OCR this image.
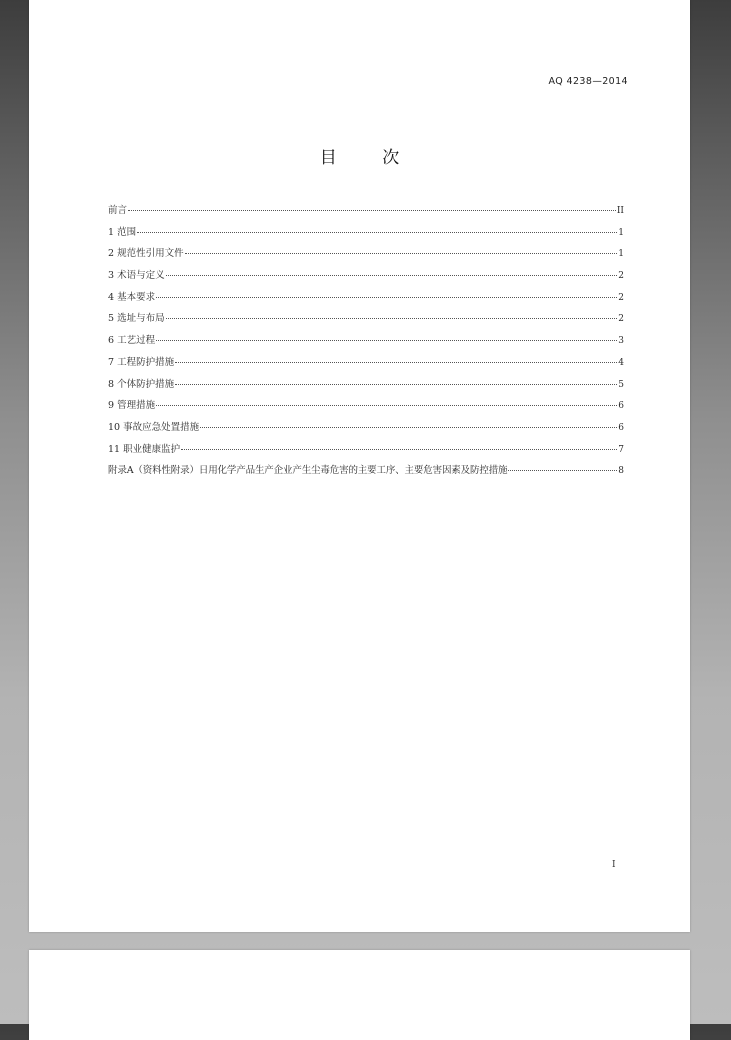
AQ 4238—2014
目 次
前言	II
1 范围	1
2 规范性引用文件	1
3 术语与定义	2
4 基本要求	2
5 选址与布局	2
6 工艺过程	3
7 工程防护措施	4
8 个体防护措施	5
9 管理措施	6
10 事故应急处置措施	6
11 职业健康监护	7
附录A（资料性附录）日用化学产品生产企业产生尘毒危害的主要工序、主要危害因素及防控措施	8
I
